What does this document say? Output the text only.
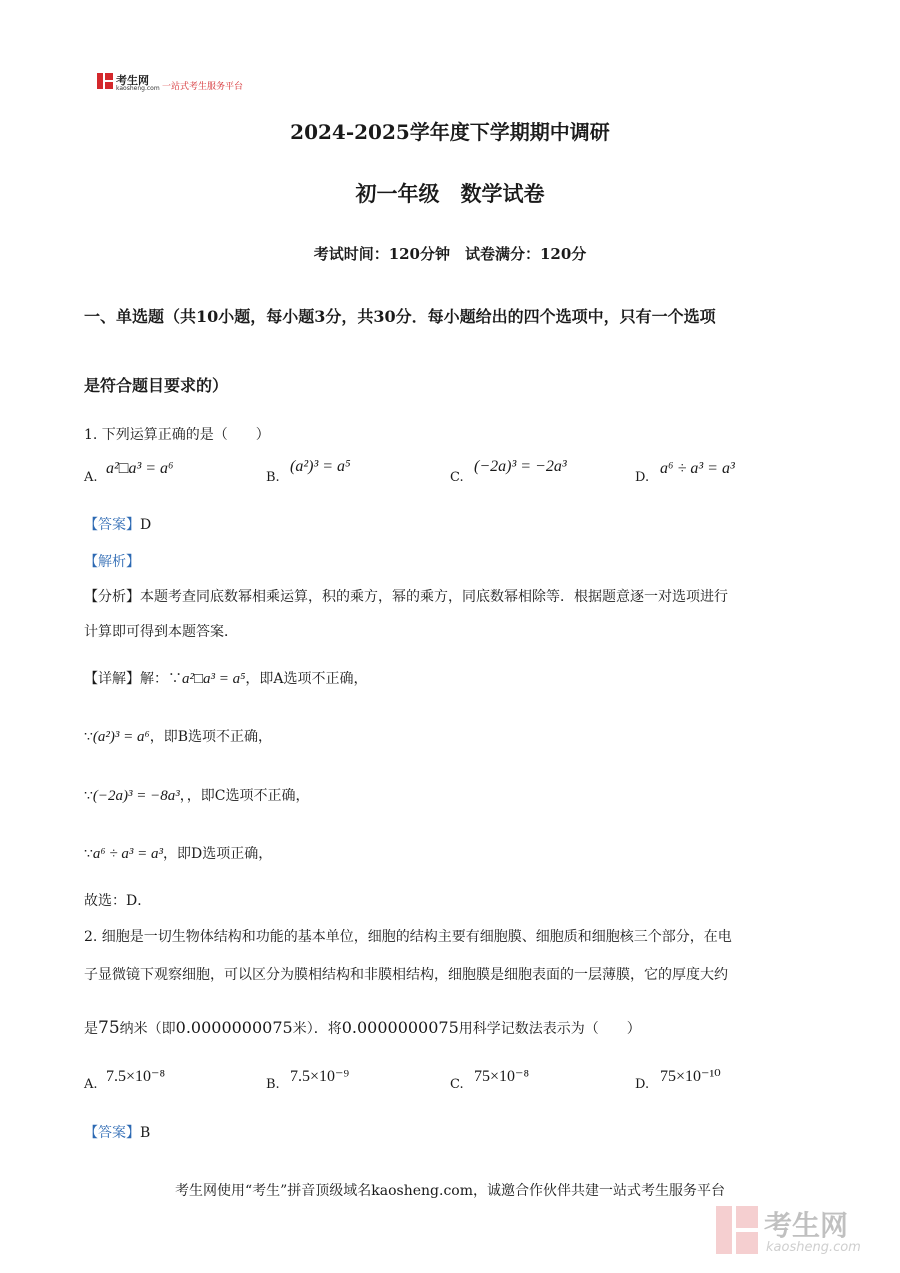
考生网
kaosheng.com 一站式考生服务平台
2024-2025学年度下学期期中调研
初一年级　数学试卷
考试时间：120分钟　试卷满分：120分
一、单选题（共10小题，每小题3分，共30分．每小题给出的四个选项中，只有一个选项
是符合题目要求的）
1. 下列运算正确的是（　　）
A.
a²□a³ = a⁶
B.
(a²)³ = a⁵
C.
(−2a)³ = −2a³
D.
a⁶ ÷ a³ = a³
【答案】D
【解析】
【分析】本题考查同底数幂相乘运算，积的乘方，幂的乘方，同底数幂相除等．根据题意逐一对选项进行
计算即可得到本题答案．
【详解】解：∵a²□a³ = a⁵，即A选项不正确，
∵(a²)³ = a⁶，即B选项不正确，
∵(−2a)³ = −8a³，，即C选项不正确，
∵a⁶ ÷ a³ = a³，即D选项正确，
故选：D．
2. 细胞是一切生物体结构和功能的基本单位，细胞的结构主要有细胞膜、细胞质和细胞核三个部分，在电
子显微镜下观察细胞，可以区分为膜相结构和非膜相结构，细胞膜是细胞表面的一层薄膜，它的厚度大约
是75纳米（即0.0000000075米）．将0.0000000075用科学记数法表示为（　　）
A. 7.5×10⁻⁸	B. 7.5×10⁻⁹	C. 75×10⁻⁸	D. 75×10⁻¹⁰
【答案】B
考生网使用“考生”拼音顶级域名kaosheng.com，诚邀合作伙伴共建一站式考生服务平台
考生网
kaosheng.com
